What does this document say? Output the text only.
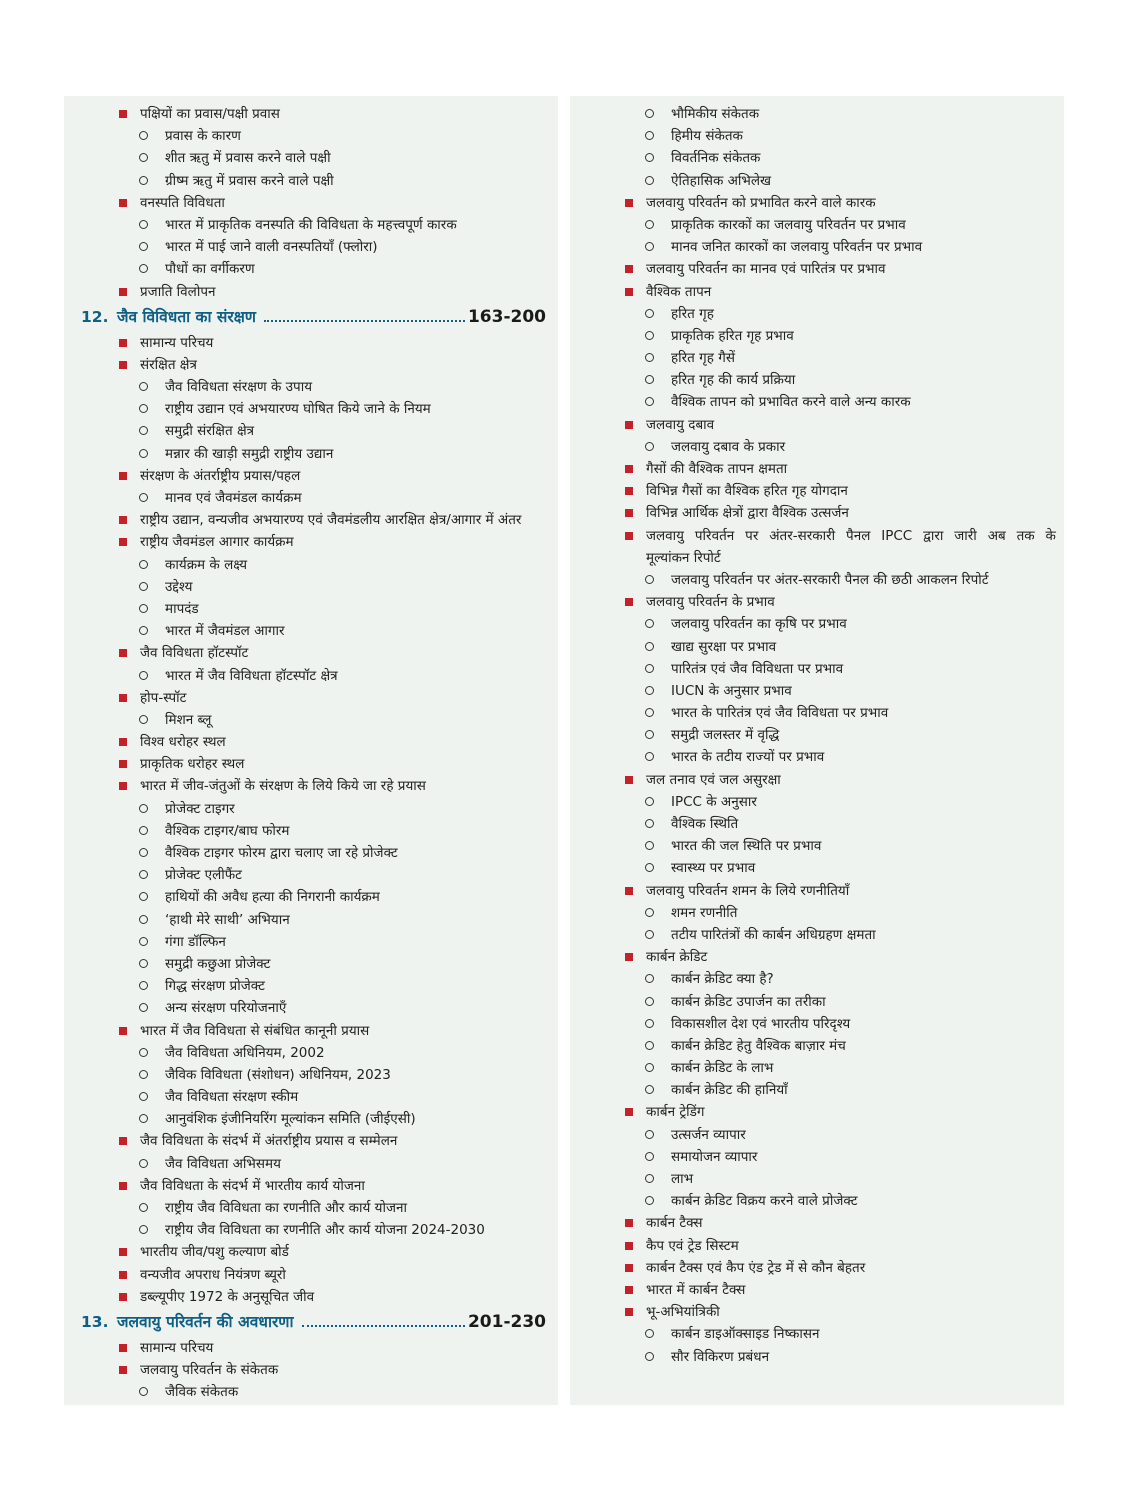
पक्षियों का प्रवास/पक्षी प्रवास
प्रवास के कारण
शीत ऋतु में प्रवास करने वाले पक्षी
ग्रीष्म ऋतु में प्रवास करने वाले पक्षी
वनस्पति विविधता
भारत में प्राकृतिक वनस्पति की विविधता के महत्त्वपूर्ण कारक
भारत में पाई जाने वाली वनस्पतियाँ (फ्लोरा)
पौधों का वर्गीकरण
प्रजाति विलोपन
12. जैव विविधता का संरक्षण	163-200
सामान्य परिचय
संरक्षित क्षेत्र
जैव विविधता संरक्षण के उपाय
राष्ट्रीय उद्यान एवं अभयारण्य घोषित किये जाने के नियम
समुद्री संरक्षित क्षेत्र
मन्नार की खाड़ी समुद्री राष्ट्रीय उद्यान
संरक्षण के अंतर्राष्ट्रीय प्रयास/पहल
मानव एवं जैवमंडल कार्यक्रम
राष्ट्रीय उद्यान, वन्यजीव अभयारण्य एवं जैवमंडलीय आरक्षित क्षेत्र/आगार में अंतर
राष्ट्रीय जैवमंडल आगार कार्यक्रम
कार्यक्रम के लक्ष्य
उद्देश्य
मापदंड
भारत में जैवमंडल आगार
जैव विविधता हॉटस्पॉट
भारत में जैव विविधता हॉटस्पॉट क्षेत्र
होप-स्पॉट
मिशन ब्लू
विश्व धरोहर स्थल
प्राकृतिक धरोहर स्थल
भारत में जीव-जंतुओं के संरक्षण के लिये किये जा रहे प्रयास
प्रोजेक्ट टाइगर
वैश्विक टाइगर/बाघ फोरम
वैश्विक टाइगर फोरम द्वारा चलाए जा रहे प्रोजेक्ट
प्रोजेक्ट एलीफैंट
हाथियों की अवैध हत्या की निगरानी कार्यक्रम
‘हाथी मेरे साथी’ अभियान
गंगा डॉल्फिन
समुद्री कछुआ प्रोजेक्ट
गिद्ध संरक्षण प्रोजेक्ट
अन्य संरक्षण परियोजनाएँ
भारत में जैव विविधता से संबंधित कानूनी प्रयास
जैव विविधता अधिनियम, 2002
जैविक विविधता (संशोधन) अधिनियम, 2023
जैव विविधता संरक्षण स्कीम
आनुवंशिक इंजीनियरिंग मूल्यांकन समिति (जीईएसी)
जैव विविधता के संदर्भ में अंतर्राष्ट्रीय प्रयास व सम्मेलन
जैव विविधता अभिसमय
जैव विविधता के संदर्भ में भारतीय कार्य योजना
राष्ट्रीय जैव विविधता का रणनीति और कार्य योजना
राष्ट्रीय जैव विविधता का रणनीति और कार्य योजना 2024-2030
भारतीय जीव/पशु कल्याण बोर्ड
वन्यजीव अपराध नियंत्रण ब्यूरो
डब्ल्यूपीए 1972 के अनुसूचित जीव
13. जलवायु परिवर्तन की अवधारणा	201-230
सामान्य परिचय
जलवायु परिवर्तन के संकेतक
जैविक संकेतक
भौमिकीय संकेतक
हिमीय संकेतक
विवर्तनिक संकेतक
ऐतिहासिक अभिलेख
जलवायु परिवर्तन को प्रभावित करने वाले कारक
प्राकृतिक कारकों का जलवायु परिवर्तन पर प्रभाव
मानव जनित कारकों का जलवायु परिवर्तन पर प्रभाव
जलवायु परिवर्तन का मानव एवं पारितंत्र पर प्रभाव
वैश्विक तापन
हरित गृह
प्राकृतिक हरित गृह प्रभाव
हरित गृह गैसें
हरित गृह की कार्य प्रक्रिया
वैश्विक तापन को प्रभावित करने वाले अन्य कारक
जलवायु दबाव
जलवायु दबाव के प्रकार
गैसों की वैश्विक तापन क्षमता
विभिन्न गैसों का वैश्विक हरित गृह योगदान
विभिन्न आर्थिक क्षेत्रों द्वारा वैश्विक उत्सर्जन
जलवायु परिवर्तन पर अंतर-सरकारी पैनल IPCC द्वारा जारी अब तक के
मूल्यांकन रिपोर्ट
जलवायु परिवर्तन पर अंतर-सरकारी पैनल की छठी आकलन रिपोर्ट
जलवायु परिवर्तन के प्रभाव
जलवायु परिवर्तन का कृषि पर प्रभाव
खाद्य सुरक्षा पर प्रभाव
पारितंत्र एवं जैव विविधता पर प्रभाव
IUCN के अनुसार प्रभाव
भारत के पारितंत्र एवं जैव विविधता पर प्रभाव
समुद्री जलस्तर में वृद्धि
भारत के तटीय राज्यों पर प्रभाव
जल तनाव एवं जल असुरक्षा
IPCC के अनुसार
वैश्विक स्थिति
भारत की जल स्थिति पर प्रभाव
स्वास्थ्य पर प्रभाव
जलवायु परिवर्तन शमन के लिये रणनीतियाँ
शमन रणनीति
तटीय पारितंत्रों की कार्बन अधिग्रहण क्षमता
कार्बन क्रेडिट
कार्बन क्रेडिट क्या है?
कार्बन क्रेडिट उपार्जन का तरीका
विकासशील देश एवं भारतीय परिदृश्य
कार्बन क्रेडिट हेतु वैश्विक बाज़ार मंच
कार्बन क्रेडिट के लाभ
कार्बन क्रेडिट की हानियाँ
कार्बन ट्रेडिंग
उत्सर्जन व्यापार
समायोजन व्यापार
लाभ
कार्बन क्रेडिट विक्रय करने वाले प्रोजेक्ट
कार्बन टैक्स
कैप एवं ट्रेड सिस्टम
कार्बन टैक्स एवं कैप एंड ट्रेड में से कौन बेहतर
भारत में कार्बन टैक्स
भू-अभियांत्रिकी
कार्बन डाइऑक्साइड निष्कासन
सौर विकिरण प्रबंधन
